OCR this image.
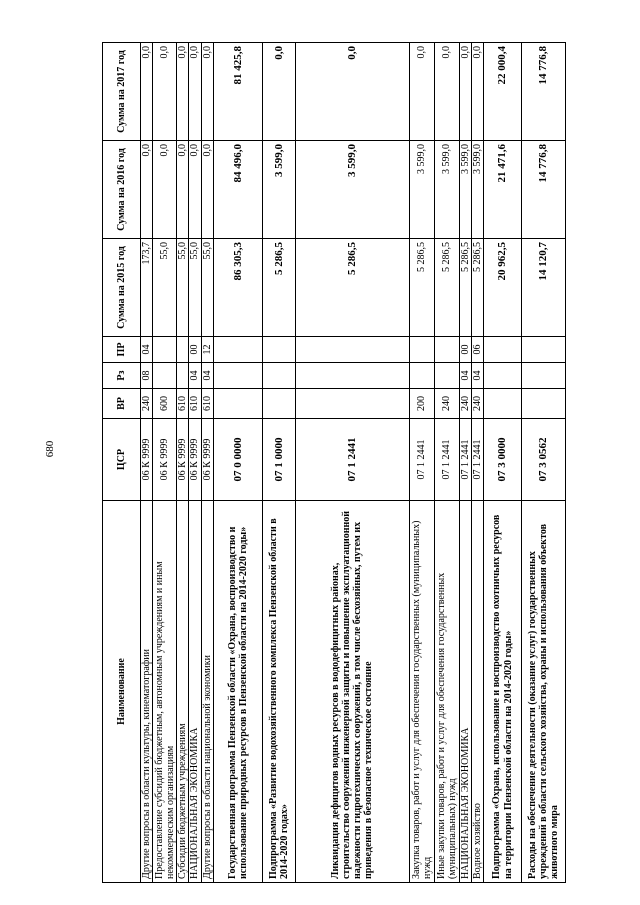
680
Наименование	ЦСР	ВР	Рз	ПР	Сумма на 2015 год	Сумма на 2016 год	Сумма на 2017 год
Другие вопросы в области культуры, кинематографии	06 К 9999	240	08	04	173,7	0,0	0,0
Предоставление субсидий бюджетным, автономным учреждениям и иным некоммерческим организациям	06 К 9999	600			55,0	0,0	0,0
Субсидии бюджетным учреждениям	06 К 9999	610			55,0	0,0	0,0
НАЦИОНАЛЬНАЯ ЭКОНОМИКА	06 К 9999	610	04	00	55,0	0,0	0,0
Другие вопросы в области национальной экономики	06 К 9999	610	04	12	55,0	0,0	0,0
Государственная программа Пензенской области «Охрана, воспроизводство и использование природных ресурсов в Пензенской области на 2014-2020 годы»	07 0 0000				86 305,3	84 496,0	81 425,8
Подпрограмма «Развитие водохозяйственного комплекса Пензенской области в 2014-2020 годах»	07 1 0000				5 286,5	3 599,0	0,0
Ликвидация дефицитов водных ресурсов в вододефицитных районах, строительство сооружений инженерной защиты и повышение эксплуатационной надежности гидротехнических сооружений, в том числе бесхозяйных, путем их приведения в безопасное техническое состояние	07 1 2441				5 286,5	3 599,0	0,0
Закупка товаров, работ и услуг для обеспечения государственных (муниципальных) нужд	07 1 2441	200			5 286,5	3 599,0	0,0
Иные закупки товаров, работ и услуг для обеспечения государственных (муниципальных) нужд	07 1 2441	240			5 286,5	3 599,0	0,0
НАЦИОНАЛЬНАЯ ЭКОНОМИКА	07 1 2441	240	04	00	5 286,5	3 599,0	0,0
Водное хозяйство	07 1 2441	240	04	06	5 286,5	3 599,0	0,0
Подпрограмма «Охрана, использование и воспроизводство охотничьих ресурсов на территории Пензенской области на 2014-2020 годы»	07 3 0000				20 962,5	21 471,6	22 000,4
Расходы на обеспечение деятельности (оказание услуг) государственных учреждений в области сельского хозяйства, охраны и использования объектов животного мира	07 3 0562				14 120,7	14 776,8	14 776,8
